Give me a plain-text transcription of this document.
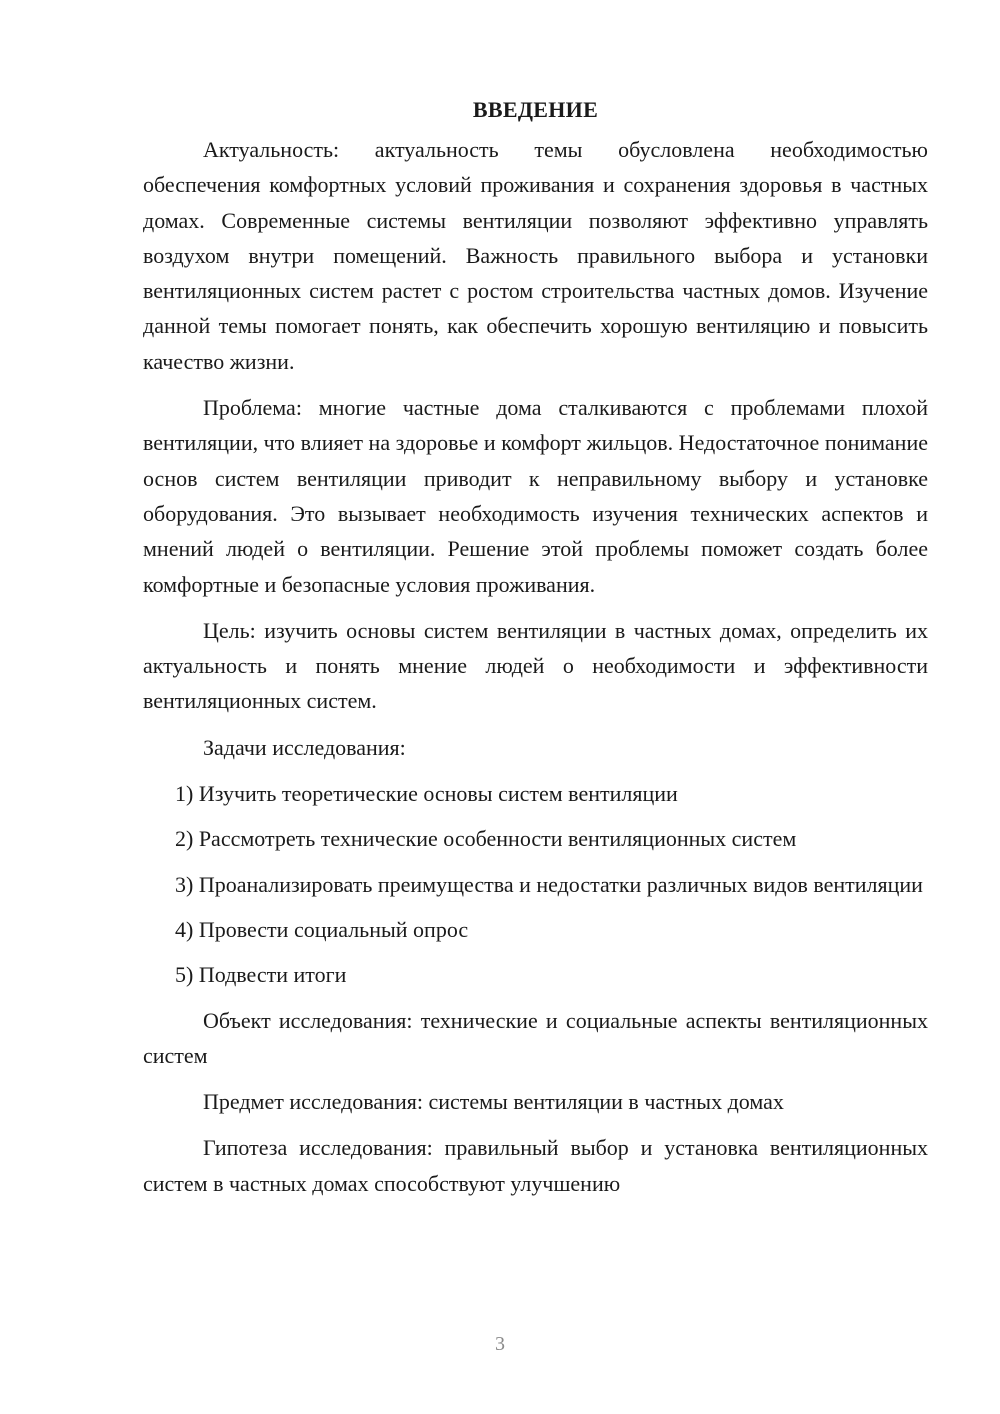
ВВЕДЕНИЕ

Актуальность: актуальность темы обусловлена необходимостью обеспечения комфортных условий проживания и сохранения здоровья в частных домах. Современные системы вентиляции позволяют эффективно управлять воздухом внутри помещений. Важность правильного выбора и установки вентиляционных систем растет с ростом строительства частных домов. Изучение данной темы помогает понять, как обеспечить хорошую вентиляцию и повысить качество жизни.

Проблема: многие частные дома сталкиваются с проблемами плохой вентиляции, что влияет на здоровье и комфорт жильцов. Недостаточное понимание основ систем вентиляции приводит к неправильному выбору и установке оборудования. Это вызывает необходимость изучения технических аспектов и мнений людей о вентиляции. Решение этой проблемы поможет создать более комфортные и безопасные условия проживания.

Цель: изучить основы систем вентиляции в частных домах, определить их актуальность и понять мнение людей о необходимости и эффективности вентиляционных систем.

Задачи исследования:

1) Изучить теоретические основы систем вентиляции

2) Рассмотреть технические особенности вентиляционных систем

3) Проанализировать преимущества и недостатки различных видов вентиляции

4) Провести социальный опрос

5) Подвести итоги

Объект исследования: технические и социальные аспекты вентиляционных систем

Предмет исследования: системы вентиляции в частных домах

Гипотеза исследования: правильный выбор и установка вентиляционных систем в частных домах способствуют улучшению

3
